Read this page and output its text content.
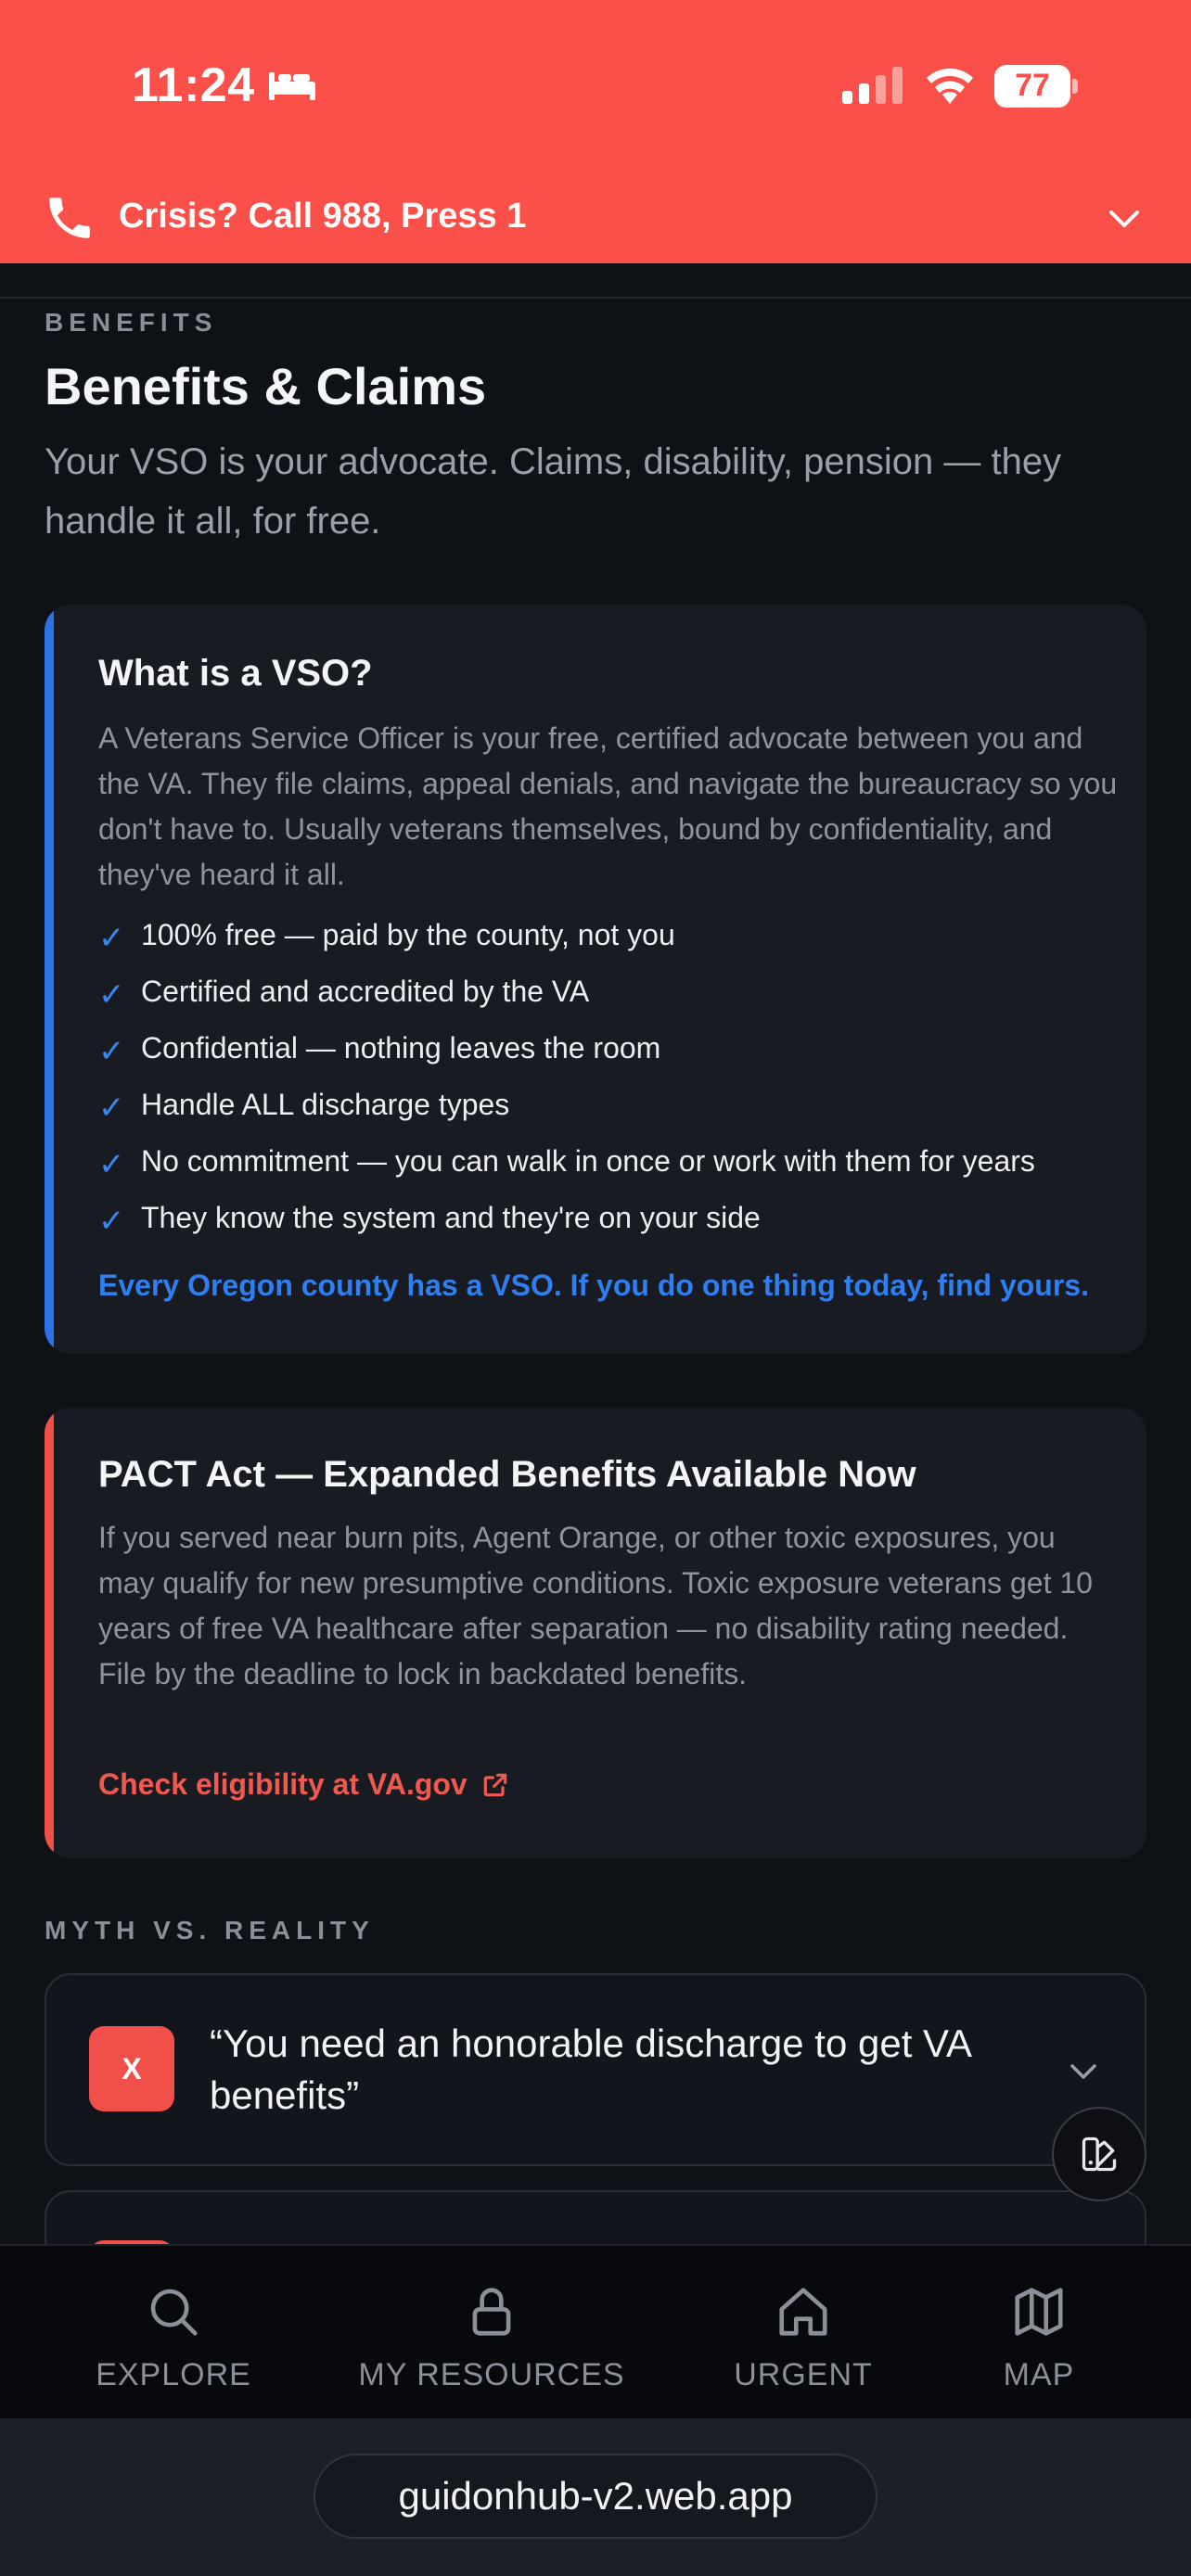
11:24	77
Crisis? Call 988, Press 1
BENEFITS
Benefits & Claims
Your VSO is your advocate. Claims, disability, pension — they handle it all, for free.
What is a VSO?
A Veterans Service Officer is your free, certified advocate between you and the VA. They file claims, appeal denials, and navigate the bureaucracy so you don't have to. Usually veterans themselves, bound by confidentiality, and they've heard it all.
✓ 100% free — paid by the county, not you
✓ Certified and accredited by the VA
✓ Confidential — nothing leaves the room
✓ Handle ALL discharge types
✓ No commitment — you can walk in once or work with them for years
✓ They know the system and they're on your side
Every Oregon county has a VSO. If you do one thing today, find yours.
PACT Act — Expanded Benefits Available Now
If you served near burn pits, Agent Orange, or other toxic exposures, you may qualify for new presumptive conditions. Toxic exposure veterans get 10 years of free VA healthcare after separation — no disability rating needed. File by the deadline to lock in backdated benefits.
Check eligibility at VA.gov
MYTH VS. REALITY
X
“You need an honorable discharge to get VA benefits”
EXPLORE	MY RESOURCES	URGENT	MAP
guidonhub-v2.web.app
